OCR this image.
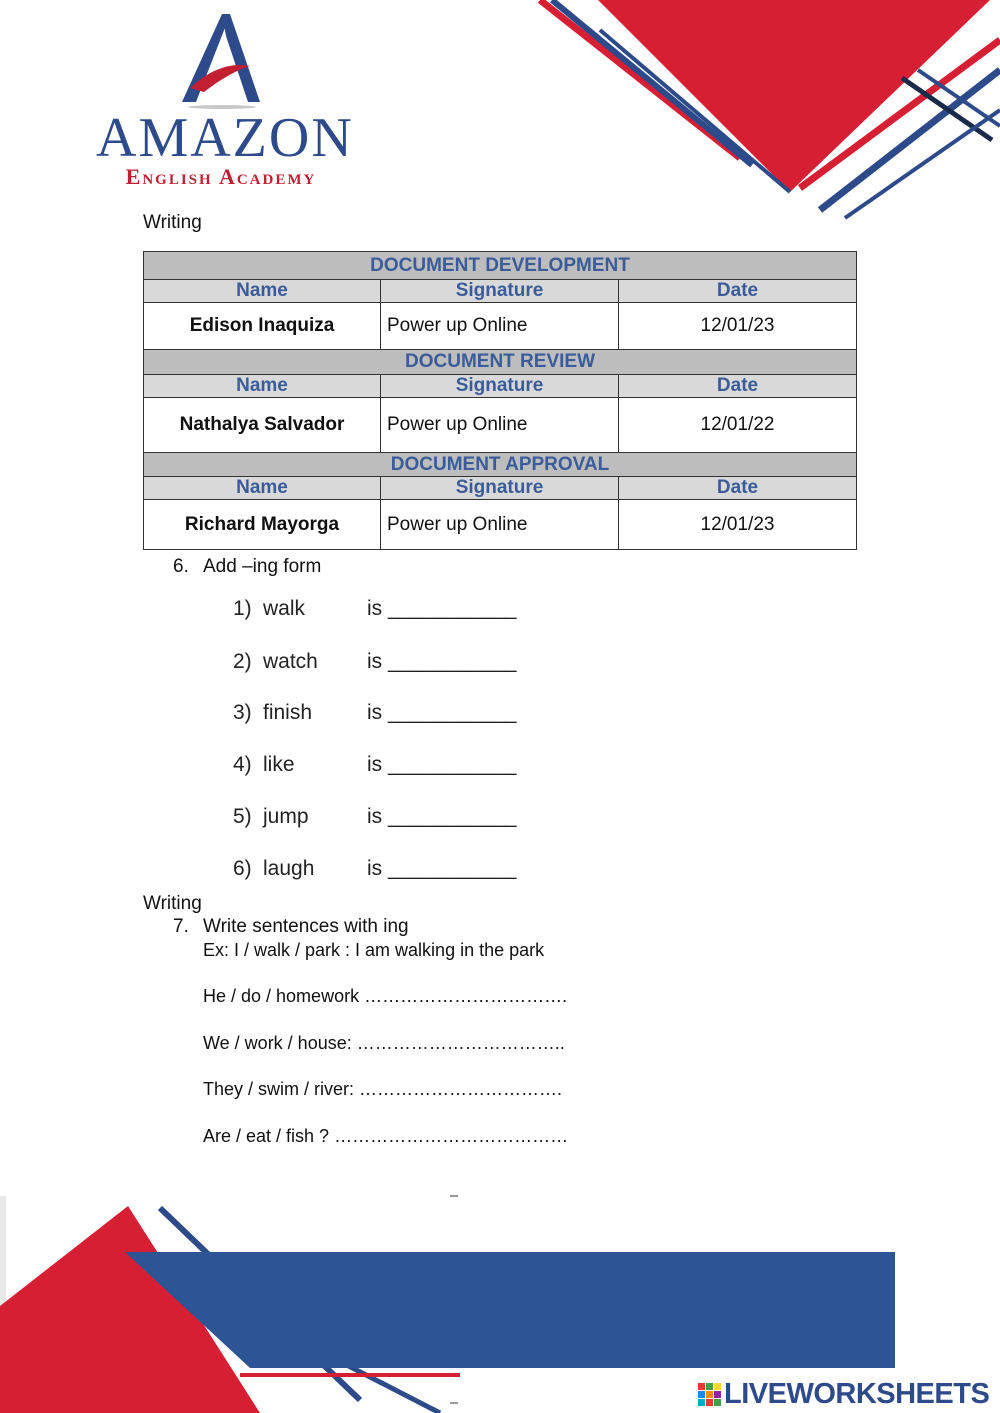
AMAZON
English Academy
Writing
DOCUMENT DEVELOPMENT		
Name	Signature	Date
Edison Inaquiza	Power up Online	12/01/23
DOCUMENT REVIEW		
Name	Signature	Date
Nathalya Salvador	Power up Online	12/01/22
DOCUMENT APPROVAL		
Name	Signature	Date
Richard Mayorga	Power up Online	12/01/23
6. Add –ing form
1) walk	is ___________
2) watch is ___________
3) finish	is ___________
4) like	is ___________
5) jump	is ___________
6) laugh	is ___________
Writing
7. Write sentences with ing
Ex: I / walk / park : I am walking in the park
He / do / homework …………………………….
We / work / house: ……………………………..
They / swim / river: …………………………….
Are / eat / fish ? …………………………………
LIVEWORKSHEETS
